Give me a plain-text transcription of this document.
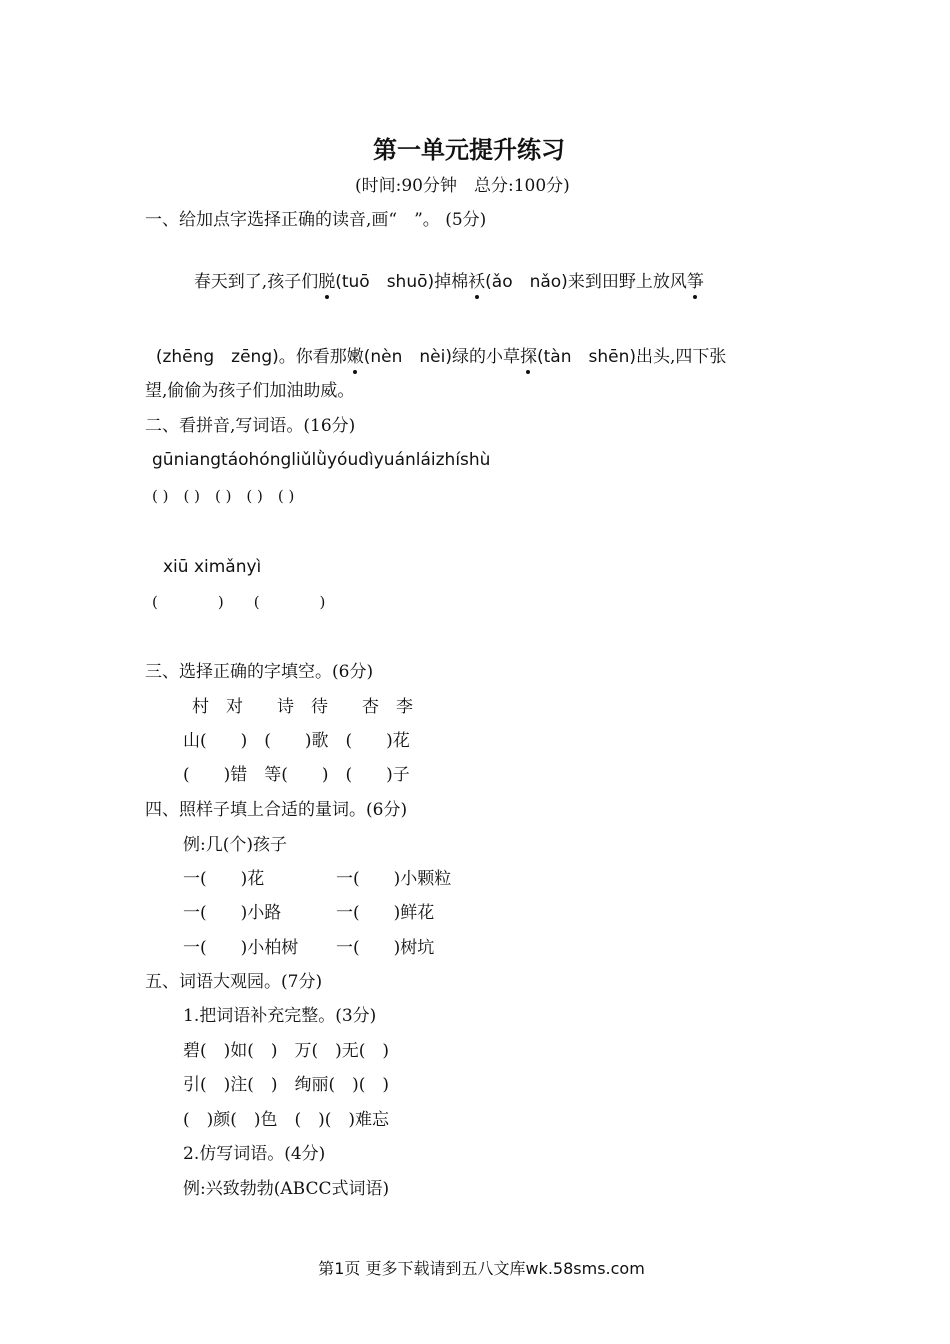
第一单元提升练习
(时间:90分钟　总分:100分)
一、给加点字选择正确的读音,画“　”。 (5分)

春天到了,孩子们脱(tuō　shuō)掉棉袄(ǎo　nǎo)来到田野上放风筝

(zhēng　zēng)。你看那嫩(nèn　nèi)绿的小草探(tàn　shēn)出头,四下张

望,偷偷为孩子们加油助威。
二、看拼音,写词语。(16分)
gūniangtáohóngliǔlǜyóudìyuánláizhíshù
( )　( )　( )　( )　( )
xiū ximǎnyì
(　　　　)　　(　　　　)
三、选择正确的字填空。(6分)
村　对　　诗　待　　杏　李
山(　　)　(　　)歌　(　　)花
(　　)错　等(　　)　(　　)子
四、照样子填上合适的量词。(6分)
例:几(个)孩子
一(　　)花	一(　　)小颗粒
一(　　)小路	一(　　)鲜花
一(　　)小柏树 一(　　)树坑
五、词语大观园。(7分)
1.把词语补充完整。(3分)
碧(　)如(　)　万(　)无(　)
引(　)注(　)　绚丽(　)(　)
(　)颜(　)色　(　)(　)难忘
2.仿写词语。(4分)
例:兴致勃勃(ABCC式词语)

第1页 更多下载请到五八文库wk.58sms.com
